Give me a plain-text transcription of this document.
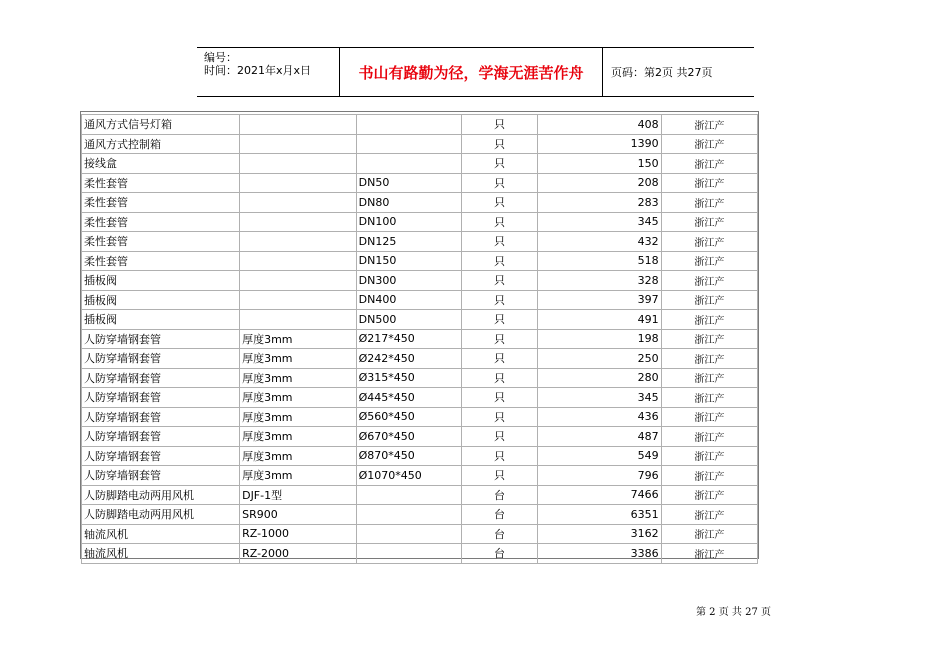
编号：
时间：2021年x月x日	书山有路勤为径，学海无涯苦作舟	页码：第2页 共27页
通风方式信号灯箱			只	408	浙江产
通风方式控制箱			只	1390	浙江产
接线盒			只	150	浙江产
柔性套管		DN50	只	208	浙江产
柔性套管		DN80	只	283	浙江产
柔性套管		DN100	只	345	浙江产
柔性套管		DN125	只	432	浙江产
柔性套管		DN150	只	518	浙江产
插板阀		DN300	只	328	浙江产
插板阀		DN400	只	397	浙江产
插板阀		DN500	只	491	浙江产
人防穿墙钢套管	厚度3mm	Ø217*450	只	198	浙江产
人防穿墙钢套管	厚度3mm	Ø242*450	只	250	浙江产
人防穿墙钢套管	厚度3mm	Ø315*450	只	280	浙江产
人防穿墙钢套管	厚度3mm	Ø445*450	只	345	浙江产
人防穿墙钢套管	厚度3mm	Ø560*450	只	436	浙江产
人防穿墙钢套管	厚度3mm	Ø670*450	只	487	浙江产
人防穿墙钢套管	厚度3mm	Ø870*450	只	549	浙江产
人防穿墙钢套管	厚度3mm	Ø1070*450	只	796	浙江产
人防脚踏电动两用风机	DJF-1型		台	7466	浙江产
人防脚踏电动两用风机	SR900		台	6351	浙江产
轴流风机	RZ-1000		台	3162	浙江产
轴流风机	RZ-2000		台	3386	浙江产
第 2 页 共 27 页
